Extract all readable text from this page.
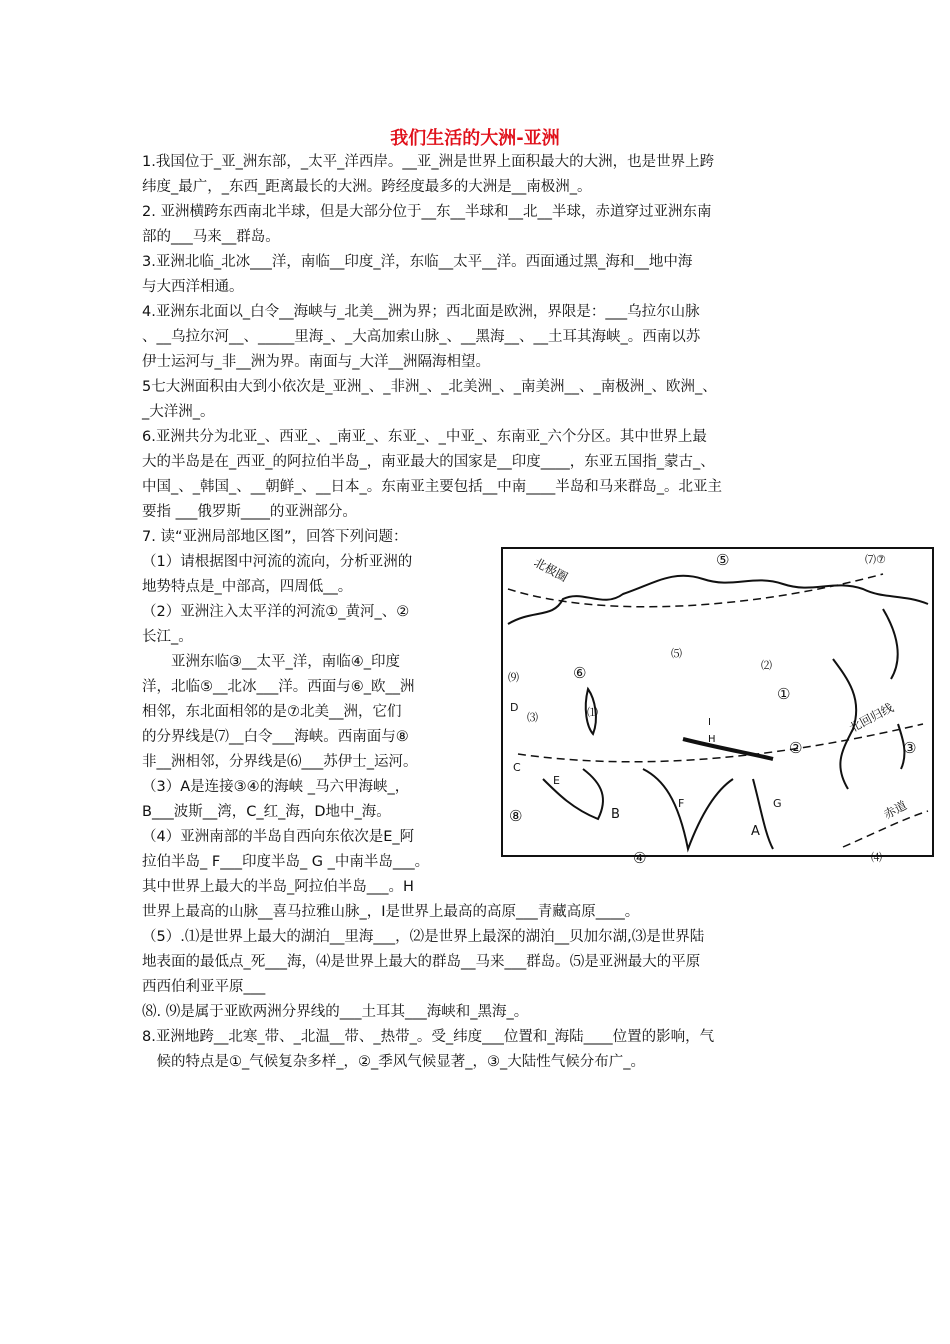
我们生活的大洲-亚洲
1.我国位于_亚_洲东部，_太平_洋西岸。__亚_洲是世界上面积最大的大洲，也是世界上跨
纬度_最广，_东西_距离最长的大洲。跨经度最多的大洲是__南极洲_。
2. 亚洲横跨东西南北半球，但是大部分位于__东__半球和__北__半球，赤道穿过亚洲东南
部的___马来__群岛。
3.亚洲北临_北冰___洋，南临__印度_洋，东临__太平__洋。西面通过黑_海和__地中海
与大西洋相通。
4.亚洲东北面以_白令__海峡与_北美__洲为界；西北面是欧洲，界限是：___乌拉尔山脉
、__乌拉尔河__、_____里海_、_大高加索山脉_、__黑海__、__土耳其海峡_。西南以苏
伊士运河与_非__洲为界。南面与_大洋__洲隔海相望。
5七大洲面积由大到小依次是_亚洲_、_非洲_、_北美洲_、_南美洲__、_南极洲_、欧洲_、
_大洋洲_。
6.亚洲共分为北亚_、西亚_、_南亚_、东亚_、_中亚_、东南亚_六个分区。其中世界上最
大的半岛是在_西亚_的阿拉伯半岛_，南亚最大的国家是__印度____，东亚五国指_蒙古_、
中国_、_韩国_、__朝鲜_、__日本_。东南亚主要包括__中南____半岛和马来群岛_。北亚主
要指 ___俄罗斯____的亚洲部分。
7. 读“亚洲局部地区图”，回答下列问题：
（1）请根据图中河流的流向，分析亚洲的
地势特点是_中部高，四周低__。
（2）亚洲注入太平洋的河流①_黄河_、②
长江_。
　　亚洲东临③__太平_洋，南临④_印度
洋，北临⑤__北冰___洋。西面与⑥_欧__洲
相邻，东北面相邻的是⑦北美__洲，它们
的分界线是⑺__白令___海峡。西南面与⑧
非__洲相邻，分界线是⑹___苏伊士_运河。
（3）A是连接③④的海峡 _马六甲海峡_，
B___波斯__湾，C_红_海，D地中_海。
（4）亚洲南部的半岛自西向东依次是E_阿
拉伯半岛_ F___印度半岛_ G _中南半岛___。
其中世界上最大的半岛_阿拉伯半岛___。H
北极圈
北回归线
赤道
⑤	⑺⑦
⑥
⑼
⑧
①
②	③
④
⑸
⑵
⑴
⑶
⑷
A
B
C
D
E
F	G
H
I
世界上最高的山脉__喜马拉雅山脉_，I是世界上最高的高原___青藏高原____。
（5）.⑴是世界上最大的湖泊__里海___，⑵是世界上最深的湖泊__贝加尔湖,⑶是世界陆
地表面的最低点_死___海，⑷是世界上最大的群岛__马来___群岛。⑸是亚洲最大的平原
西西伯利亚平原___
⑻. ⑼是属于亚欧两洲分界线的___土耳其___海峡和_黑海_。
8.亚洲地跨__北寒_带、_北温__带、_热带_。受_纬度___位置和_海陆____位置的影响，气
　候的特点是①_气候复杂多样_，②_季风气候显著_，③_大陆性气候分布广_。
